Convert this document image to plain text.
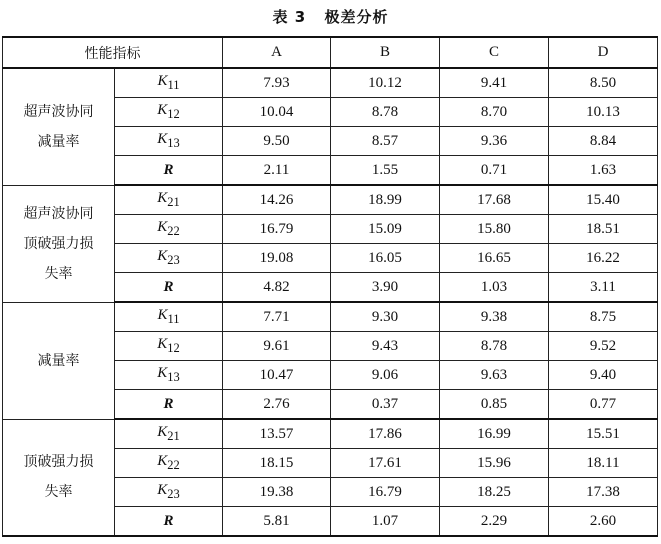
表 3 极差分析
性能指标		A	B	C	D

超声波协同
减量率	$K_{11}$	7.93	10.12	9.41	8.50
	$K_{12}$	10.04	8.78	8.70	10.13
	$K_{13}$	9.50	8.57	9.36	8.84
	R	2.11	1.55	0.71	1.63

超声波协同
顶破强力损
失率	$K_{21}$	14.26	18.99	17.68	15.40
	$K_{22}$	16.79	15.09	15.80	18.51
	$K_{23}$	19.08	16.05	16.65	16.22
	R	4.82	3.90	1.03	3.11

减量率	$K_{11}$	7.71	9.30	9.38	8.75
	$K_{12}$	9.61	9.43	8.78	9.52
	$K_{13}$	10.47	9.06	9.63	9.40
	R	2.76	0.37	0.85	0.77

顶破强力损
失率	$K_{21}$	13.57	17.86	16.99	15.51
	$K_{22}$	18.15	17.61	15.96	18.11
	$K_{23}$	19.38	16.79	18.25	17.38
	R	5.81	1.07	2.29	2.60
